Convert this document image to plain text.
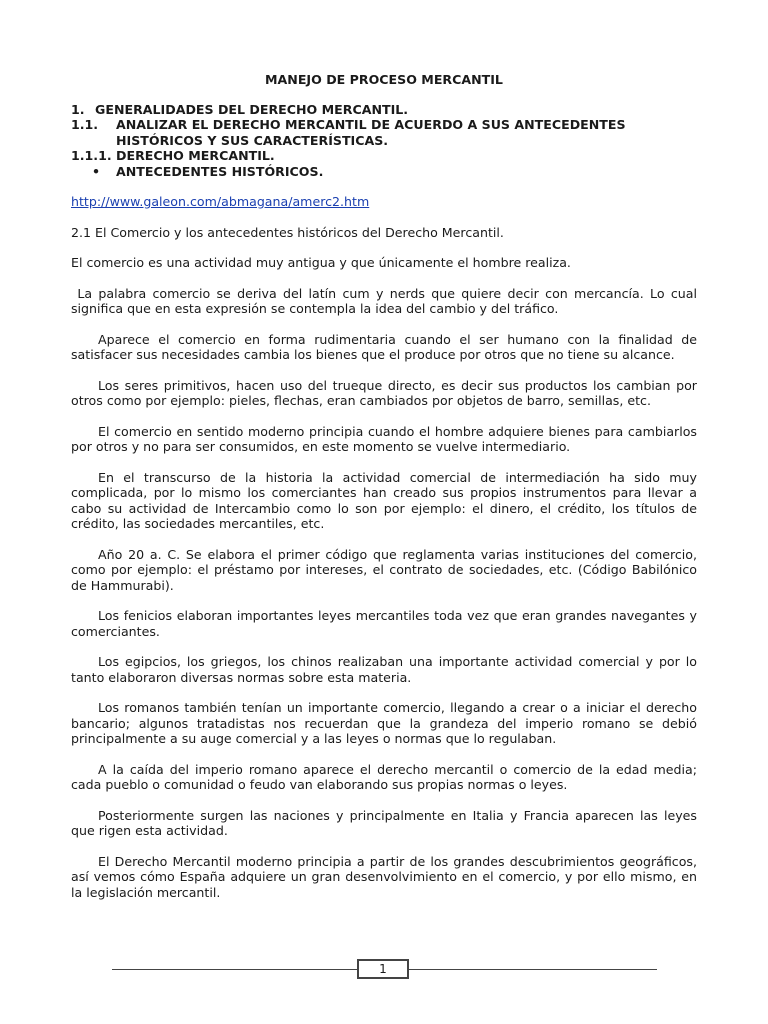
MANEJO DE PROCESO MERCANTIL
1. GENERALIDADES DEL DERECHO MERCANTIL.
1.1.	ANALIZAR EL DERECHO MERCANTIL DE ACUERDO A SUS ANTECEDENTES HISTÓRICOS Y SUS CARACTERÍSTICAS.
1.1.1. DERECHO MERCANTIL.
•	ANTECEDENTES HISTÓRICOS.
http://www.galeon.com/abmagana/amerc2.htm

2.1 El Comercio y los antecedentes históricos del Derecho Mercantil.

El comercio es una actividad muy antigua y que únicamente el hombre realiza.

La palabra comercio se deriva del latín cum y nerds que quiere decir con mercancía. Lo cual significa que en esta expresión se contempla la idea del cambio y del tráfico.

Aparece el comercio en forma rudimentaria cuando el ser humano con la finalidad de satisfacer sus necesidades cambia los bienes que el produce por otros que no tiene su alcance.

Los seres primitivos, hacen uso del trueque directo, es decir sus productos los cambian por otros como por ejemplo: pieles, flechas, eran cambiados por objetos de barro, semillas, etc.

El comercio en sentido moderno principia cuando el hombre adquiere bienes para cambiarlos por otros y no para ser consumidos, en este momento se vuelve intermediario.

En el transcurso de la historia la actividad comercial de intermediación ha sido muy complicada, por lo mismo los comerciantes han creado sus propios instrumentos para llevar a cabo su actividad de Intercambio como lo son por ejemplo: el dinero, el crédito, los títulos de crédito, las sociedades mercantiles, etc.

Año 20 a. C. Se elabora el primer código que reglamenta varias instituciones del comercio, como por ejemplo: el préstamo por intereses, el contrato de sociedades, etc. (Código Babilónico de Hammurabi).

Los fenicios elaboran importantes leyes mercantiles toda vez que eran grandes navegantes y comerciantes.

Los egipcios, los griegos, los chinos realizaban una importante actividad comercial y por lo tanto elaboraron diversas normas sobre esta materia.

Los romanos también tenían un importante comercio, llegando a crear o a iniciar el derecho bancario; algunos tratadistas nos recuerdan que la grandeza del imperio romano se debió principalmente a su auge comercial y a las leyes o normas que lo regulaban.

A la caída del imperio romano aparece el derecho mercantil o comercio de la edad media; cada pueblo o comunidad o feudo van elaborando sus propias normas o leyes.

Posteriormente surgen las naciones y principalmente en Italia y Francia aparecen las leyes que rigen esta actividad.

El Derecho Mercantil moderno principia a partir de los grandes descubrimientos geográficos, así vemos cómo España adquiere un gran desenvolvimiento en el comercio, y por ello mismo, en la legislación mercantil.

1
